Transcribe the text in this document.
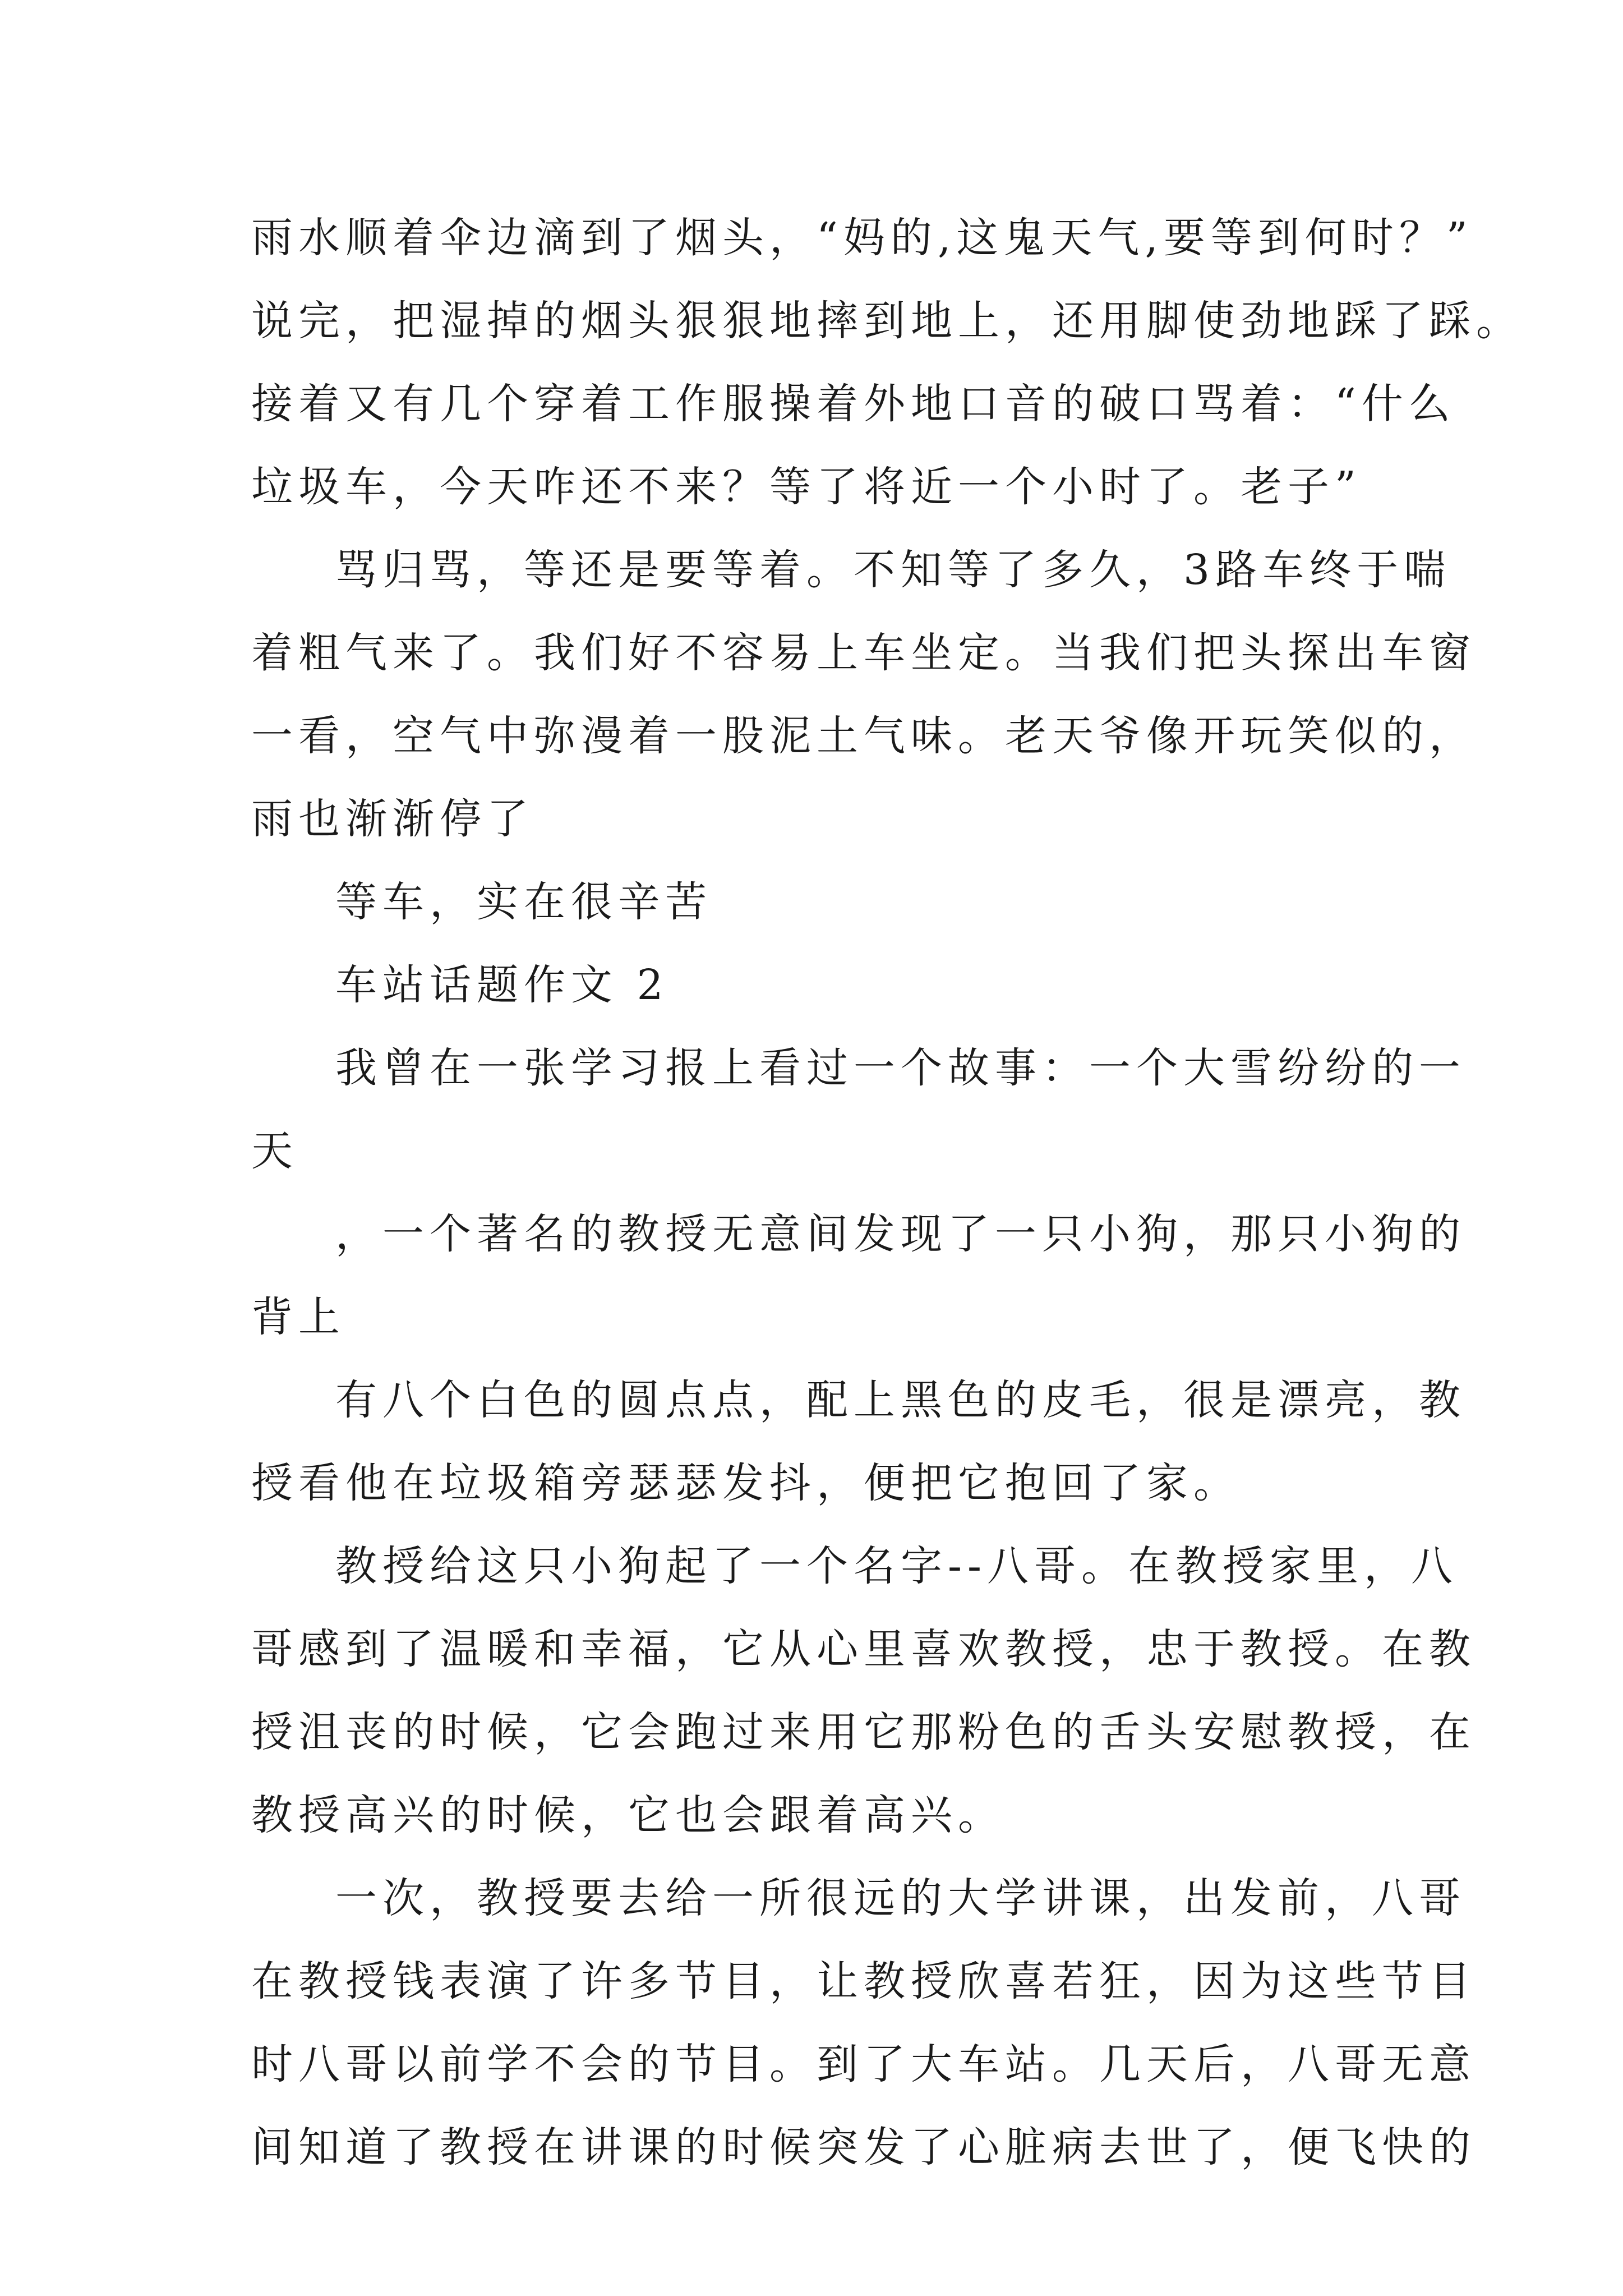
雨水顺着伞边滴到了烟头，“妈的,这鬼天气,要等到何时？”
说完，把湿掉的烟头狠狠地摔到地上，还用脚使劲地踩了踩。
接着又有几个穿着工作服操着外地口音的破口骂着：“什么
垃圾车，今天咋还不来？等了将近一个小时了。老子”
骂归骂，等还是要等着。不知等了多久，3路车终于喘
着粗气来了。我们好不容易上车坐定。当我们把头探出车窗
一看，空气中弥漫着一股泥土气味。老天爷像开玩笑似的，
雨也渐渐停了
等车，实在很辛苦
车站话题作文 2
我曾在一张学习报上看过一个故事：一个大雪纷纷的一
天
，一个著名的教授无意间发现了一只小狗，那只小狗的
背上
有八个白色的圆点点，配上黑色的皮毛，很是漂亮，教
授看他在垃圾箱旁瑟瑟发抖，便把它抱回了家。
教授给这只小狗起了一个名字--八哥。在教授家里，八
哥感到了温暖和幸福，它从心里喜欢教授，忠于教授。在教
授沮丧的时候，它会跑过来用它那粉色的舌头安慰教授，在
教授高兴的时候，它也会跟着高兴。
一次，教授要去给一所很远的大学讲课，出发前，八哥
在教授钱表演了许多节目，让教授欣喜若狂，因为这些节目
时八哥以前学不会的节目。到了大车站。几天后，八哥无意
间知道了教授在讲课的时候突发了心脏病去世了，便飞快的
